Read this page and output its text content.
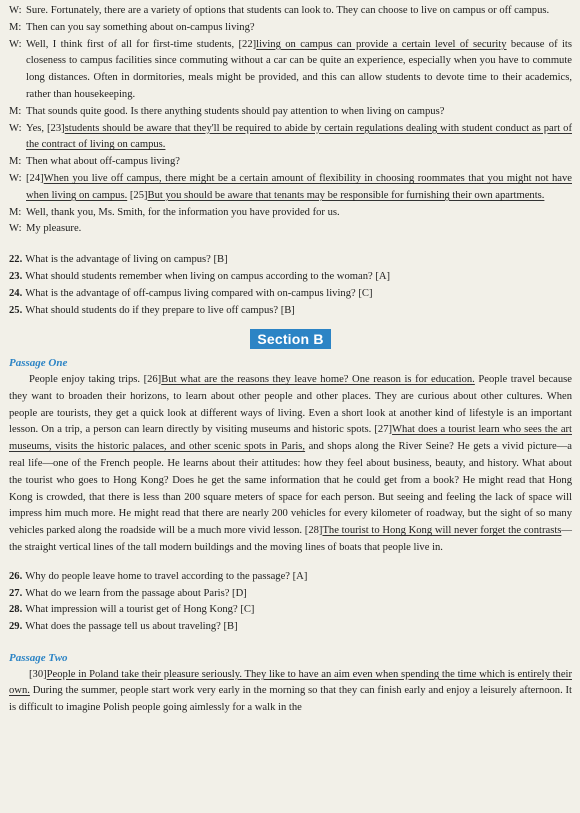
W: Sure. Fortunately, there are a variety of options that students can look to. They can choose to live on campus or off campus.
M: Then can you say something about on-campus living?
W: Well, I think first of all for first-time students, [22]living on campus can provide a certain level of security because of its closeness to campus facilities since commuting without a car can be quite an experience, especially when you have to commute long distances. Often in dormitories, meals might be provided, and this can allow students to devote time to their academics, rather than housekeeping.
M: That sounds quite good. Is there anything students should pay attention to when living on campus?
W: Yes, [23]students should be aware that they'll be required to abide by certain regulations dealing with student conduct as part of the contract of living on campus.
M: Then what about off-campus living?
W: [24]When you live off campus, there might be a certain amount of flexibility in choosing roommates that you might not have when living on campus. [25]But you should be aware that tenants may be responsible for furnishing their own apartments.
M: Well, thank you, Ms. Smith, for the information you have provided for us.
W: My pleasure.

22. What is the advantage of living on campus? [B]

23. What should students remember when living on campus according to the woman? [A]

24. What is the advantage of off-campus living compared with on-campus living? [C]

25. What should students do if they prepare to live off campus? [B]

Section B

Passage One

People enjoy taking trips. [26]But what are the reasons they leave home? One reason is for education. People travel because they want to broaden their horizons, to learn about other people and other places. They are curious about other cultures. When people are tourists, they get a quick look at different ways of living. Even a short look at another kind of lifestyle is an important lesson. On a trip, a person can learn directly by visiting museums and historic spots. [27]What does a tourist learn who sees the art museums, visits the historic palaces, and other scenic spots in Paris, and shops along the River Seine? He gets a vivid picture—a real life—one of the French people. He learns about their attitudes: how they feel about business, beauty, and history. What about the tourist who goes to Hong Kong? Does he get the same information that he could get from a book? He might read that Hong Kong is crowded, that there is less than 200 square meters of space for each person. But seeing and feeling the lack of space will impress him much more. He might read that there are nearly 200 vehicles for every kilometer of roadway, but the sight of so many vehicles parked along the roadside will be a much more vivid lesson. [28]The tourist to Hong Kong will never forget the contrasts—the straight vertical lines of the tall modern buildings and the moving lines of boats that people live in.

26. Why do people leave home to travel according to the passage? [A]

27. What do we learn from the passage about Paris? [D]

28. What impression will a tourist get of Hong Kong? [C]

29. What does the passage tell us about traveling? [B]

Passage Two

[30]People in Poland take their pleasure seriously. They like to have an aim even when spending the time which is entirely their own. During the summer, people start work very early in the morning so that they can finish early and enjoy a leisurely afternoon. It is difficult to imagine Polish people going aimlessly for a walk in the
